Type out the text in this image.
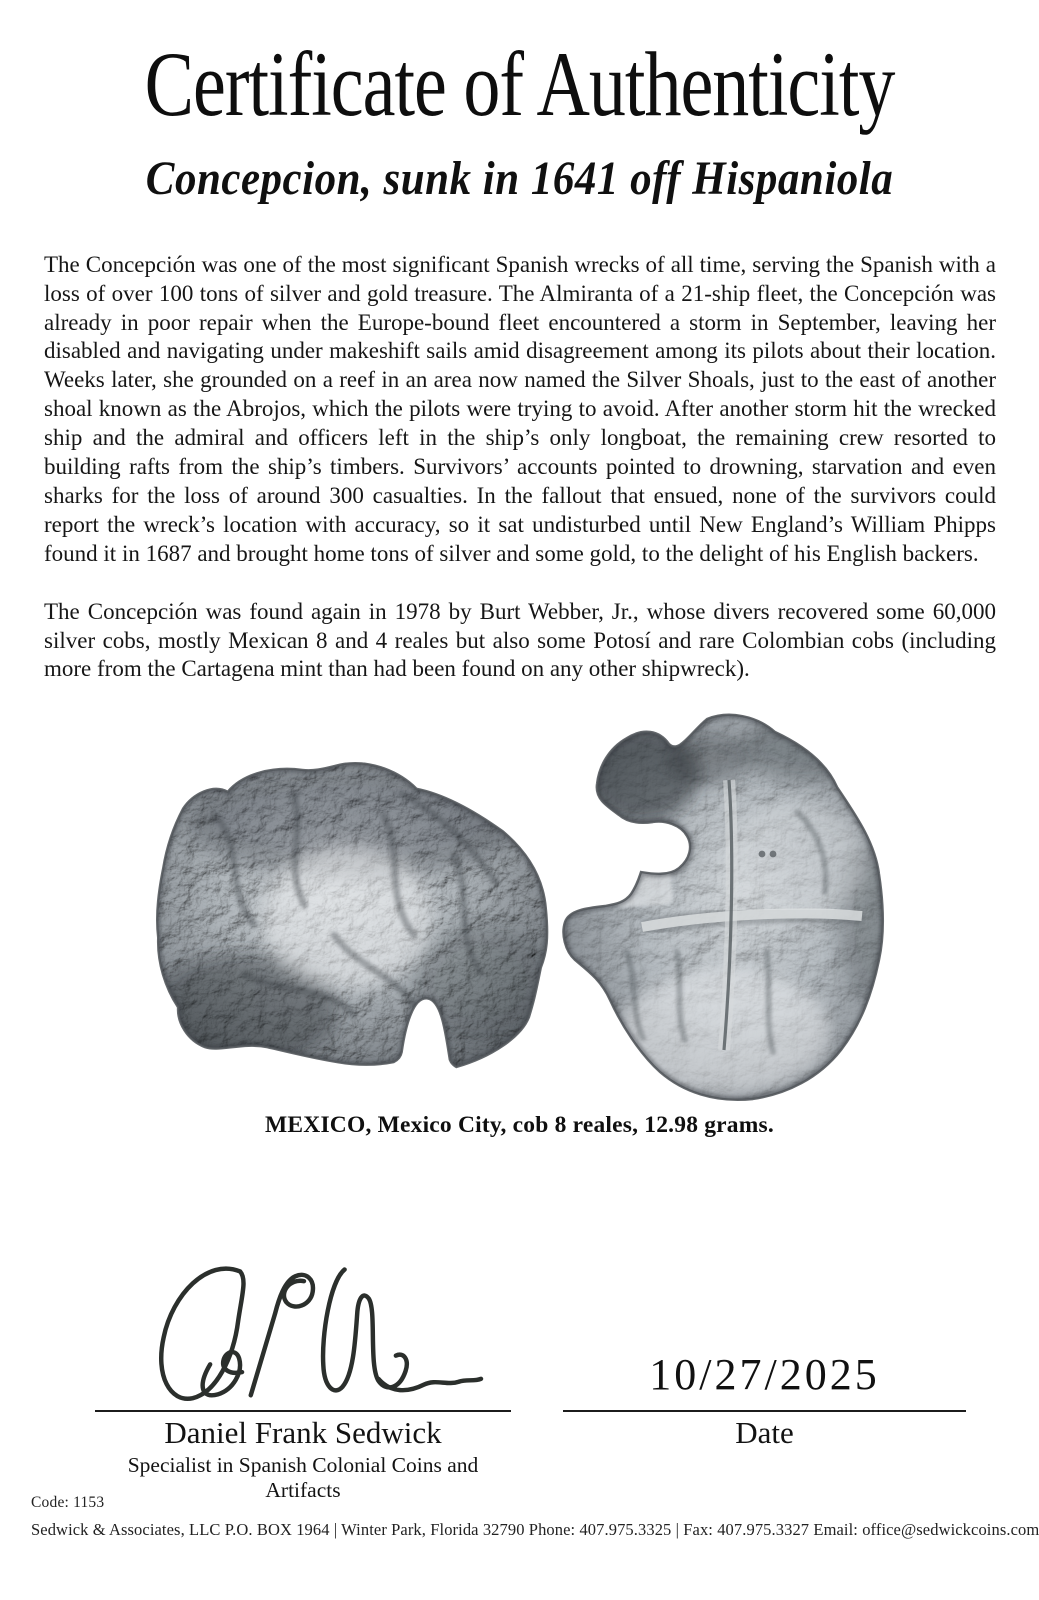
Certificate of Authenticity
Concepcion, sunk in 1641 off Hispaniola

The Concepción was one of the most significant Spanish wrecks of all time, serving the Spanish with a loss of over 100 tons of silver and gold treasure. The Almiranta of a 21-ship fleet, the Concepción was already in poor repair when the Europe-bound fleet encountered a storm in September, leaving her disabled and navigating under makeshift sails amid disagreement among its pilots about their location. Weeks later, she grounded on a reef in an area now named the Silver Shoals, just to the east of another shoal known as the Abrojos, which the pilots were trying to avoid. After another storm hit the wrecked ship and the admiral and officers left in the ship’s only longboat, the remaining crew resorted to building rafts from the ship’s timbers. Survivors’ accounts pointed to drowning, starvation and even sharks for the loss of around 300 casualties. In the fallout that ensued, none of the survivors could report the wreck’s location with accuracy, so it sat undisturbed until New England’s William Phipps found it in 1687 and brought home tons of silver and some gold, to the delight of his English backers.

The Concepción was found again in 1978 by Burt Webber, Jr., whose divers recovered some 60,000 silver cobs, mostly Mexican 8 and 4 reales but also some Potosí and rare Colombian cobs (including more from the Cartagena mint than had been found on any other shipwreck).

MEXICO, Mexico City, cob 8 reales, 12.98 grams.
Daniel Frank Sedwick
Specialist in Spanish Colonial Coins and Artifacts
10/27/2025
Date
Code: 1153
Sedwick & Associates, LLC P.O. BOX 1964 | Winter Park, Florida 32790 Phone: 407.975.3325 | Fax: 407.975.3327 Email: office@sedwickcoins.com
